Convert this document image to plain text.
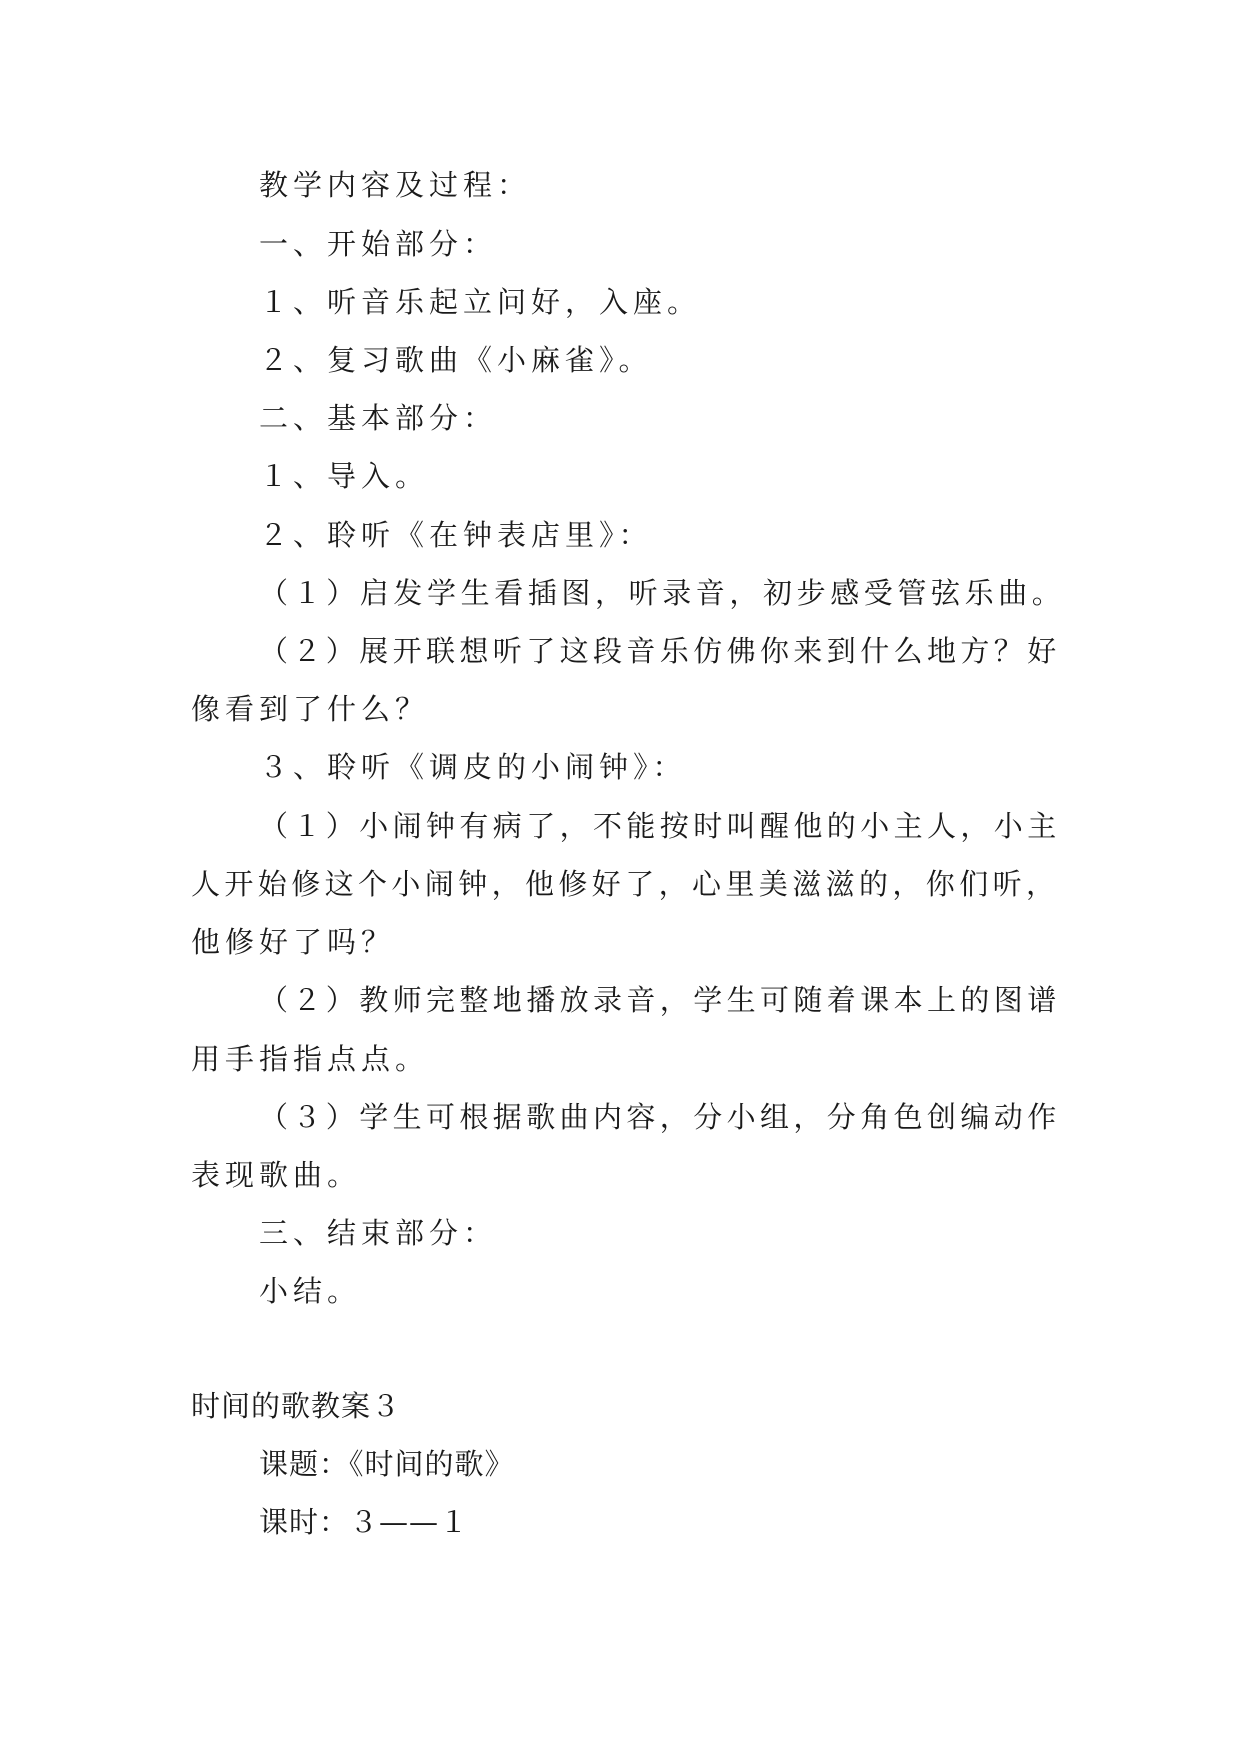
教学内容及过程：
一、开始部分：
１、听音乐起立问好，入座。
２、复习歌曲《小麻雀》。
二、基本部分：
１、导入。
２、聆听《在钟表店里》：
（１）启发学生看插图，听录音，初步感受管弦乐曲。
（２）展开联想听了这段音乐仿佛你来到什么地方？好
像看到了什么？
３、聆听《调皮的小闹钟》：
（１）小闹钟有病了，不能按时叫醒他的小主人，小主
人开始修这个小闹钟，他修好了，心里美滋滋的，你们听，
他修好了吗？
（２）教师完整地播放录音，学生可随着课本上的图谱
用手指指点点。
（３）学生可根据歌曲内容，分小组，分角色创编动作
表现歌曲。
三、结束部分：
小结。
时间的歌教案３
课题：《时间的歌》
课时：３——１
